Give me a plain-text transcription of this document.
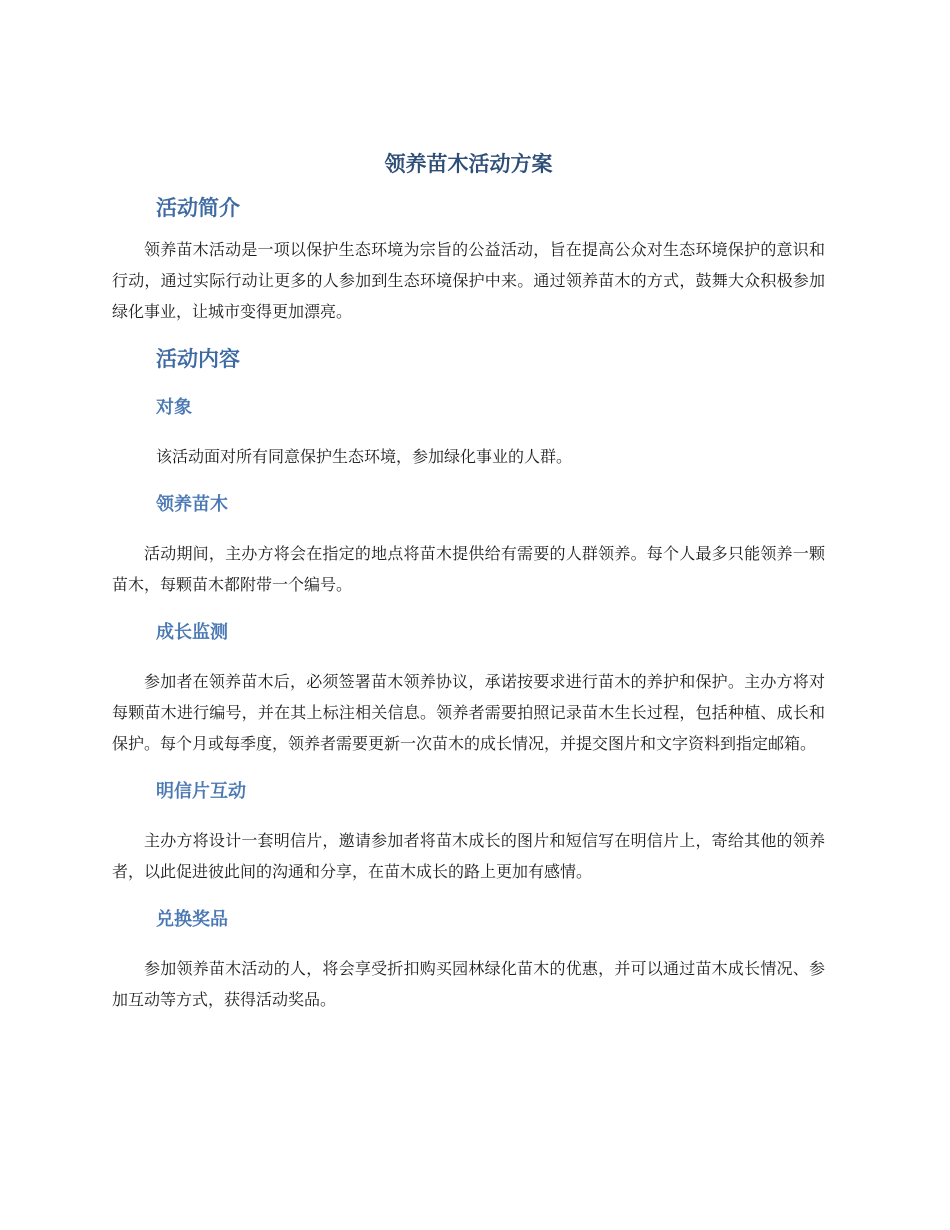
领养苗木活动方案
活动简介

领养苗木活动是一项以保护生态环境为宗旨的公益活动，旨在提高公众对生态环境保护的意识和行动，通过实际行动让更多的人参加到生态环境保护中来。通过领养苗木的方式，鼓舞大众积极参加绿化事业，让城市变得更加漂亮。

活动内容
对象

该活动面对所有同意保护生态环境，参加绿化事业的人群。

领养苗木

活动期间，主办方将会在指定的地点将苗木提供给有需要的人群领养。每个人最多只能领养一颗苗木，每颗苗木都附带一个编号。

成长监测

参加者在领养苗木后，必须签署苗木领养协议，承诺按要求进行苗木的养护和保护。主办方将对每颗苗木进行编号，并在其上标注相关信息。领养者需要拍照记录苗木生长过程，包括种植、成长和保护。每个月或每季度，领养者需要更新一次苗木的成长情况，并提交图片和文字资料到指定邮箱。

明信片互动

主办方将设计一套明信片，邀请参加者将苗木成长的图片和短信写在明信片上，寄给其他的领养者，以此促进彼此间的沟通和分享，在苗木成长的路上更加有感情。

兑换奖品

参加领养苗木活动的人，将会享受折扣购买园林绿化苗木的优惠，并可以通过苗木成长情况、参加互动等方式，获得活动奖品。
